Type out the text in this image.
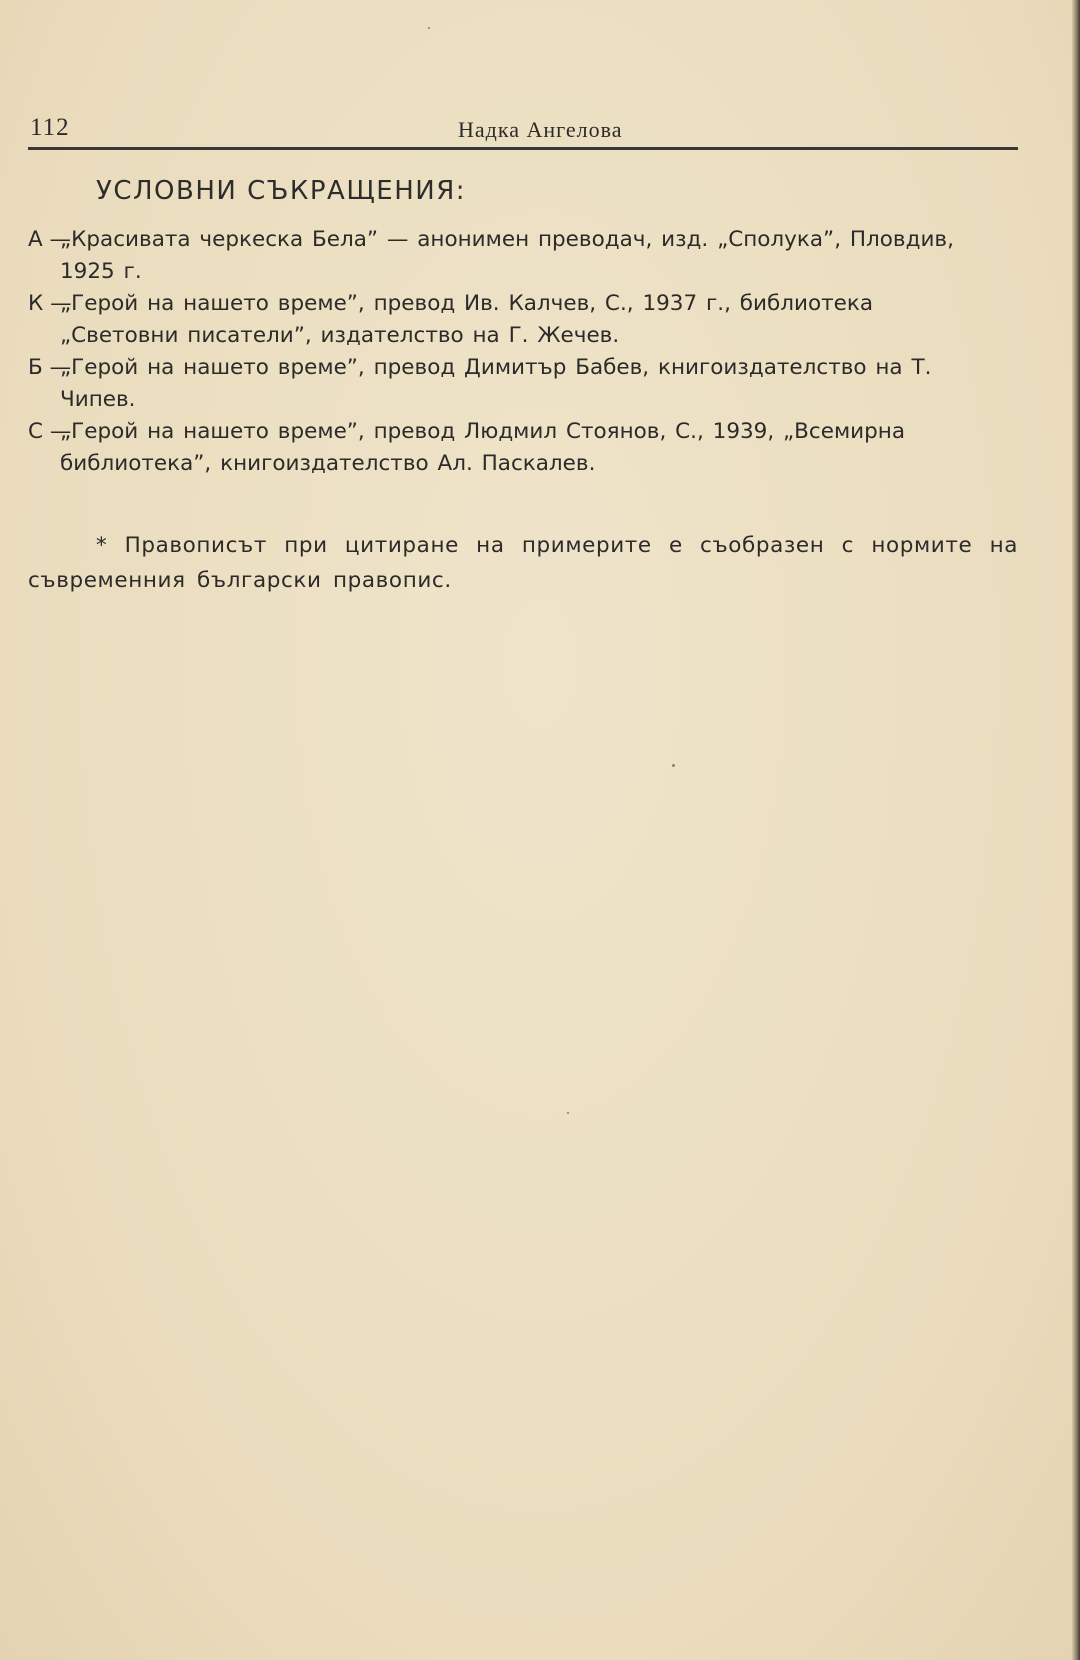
112	Надка Ангелова
УСЛОВНИ СЪКРАЩЕНИЯ:
А —
„Красивата черкеска Бела” — анонимен преводач, изд. „Сполука”, Пловдив,
1925 г.
К —
„Герой на нашето време”, превод Ив. Калчев, С., 1937 г., библиотека
„Световни писатели”, издателство на Г. Жечев.
Б —
„Герой на нашето време”, превод Димитър Бабев, книгоиздателство на Т.
Чипев.
С —
„Герой на нашето време”, превод Людмил Стоянов, С., 1939, „Всемирна
библиотека”, книгоиздателство Ал. Паскалев.
* Правописът при цитиране на примерите е съобразен с нормите на
съвременния български правопис.
